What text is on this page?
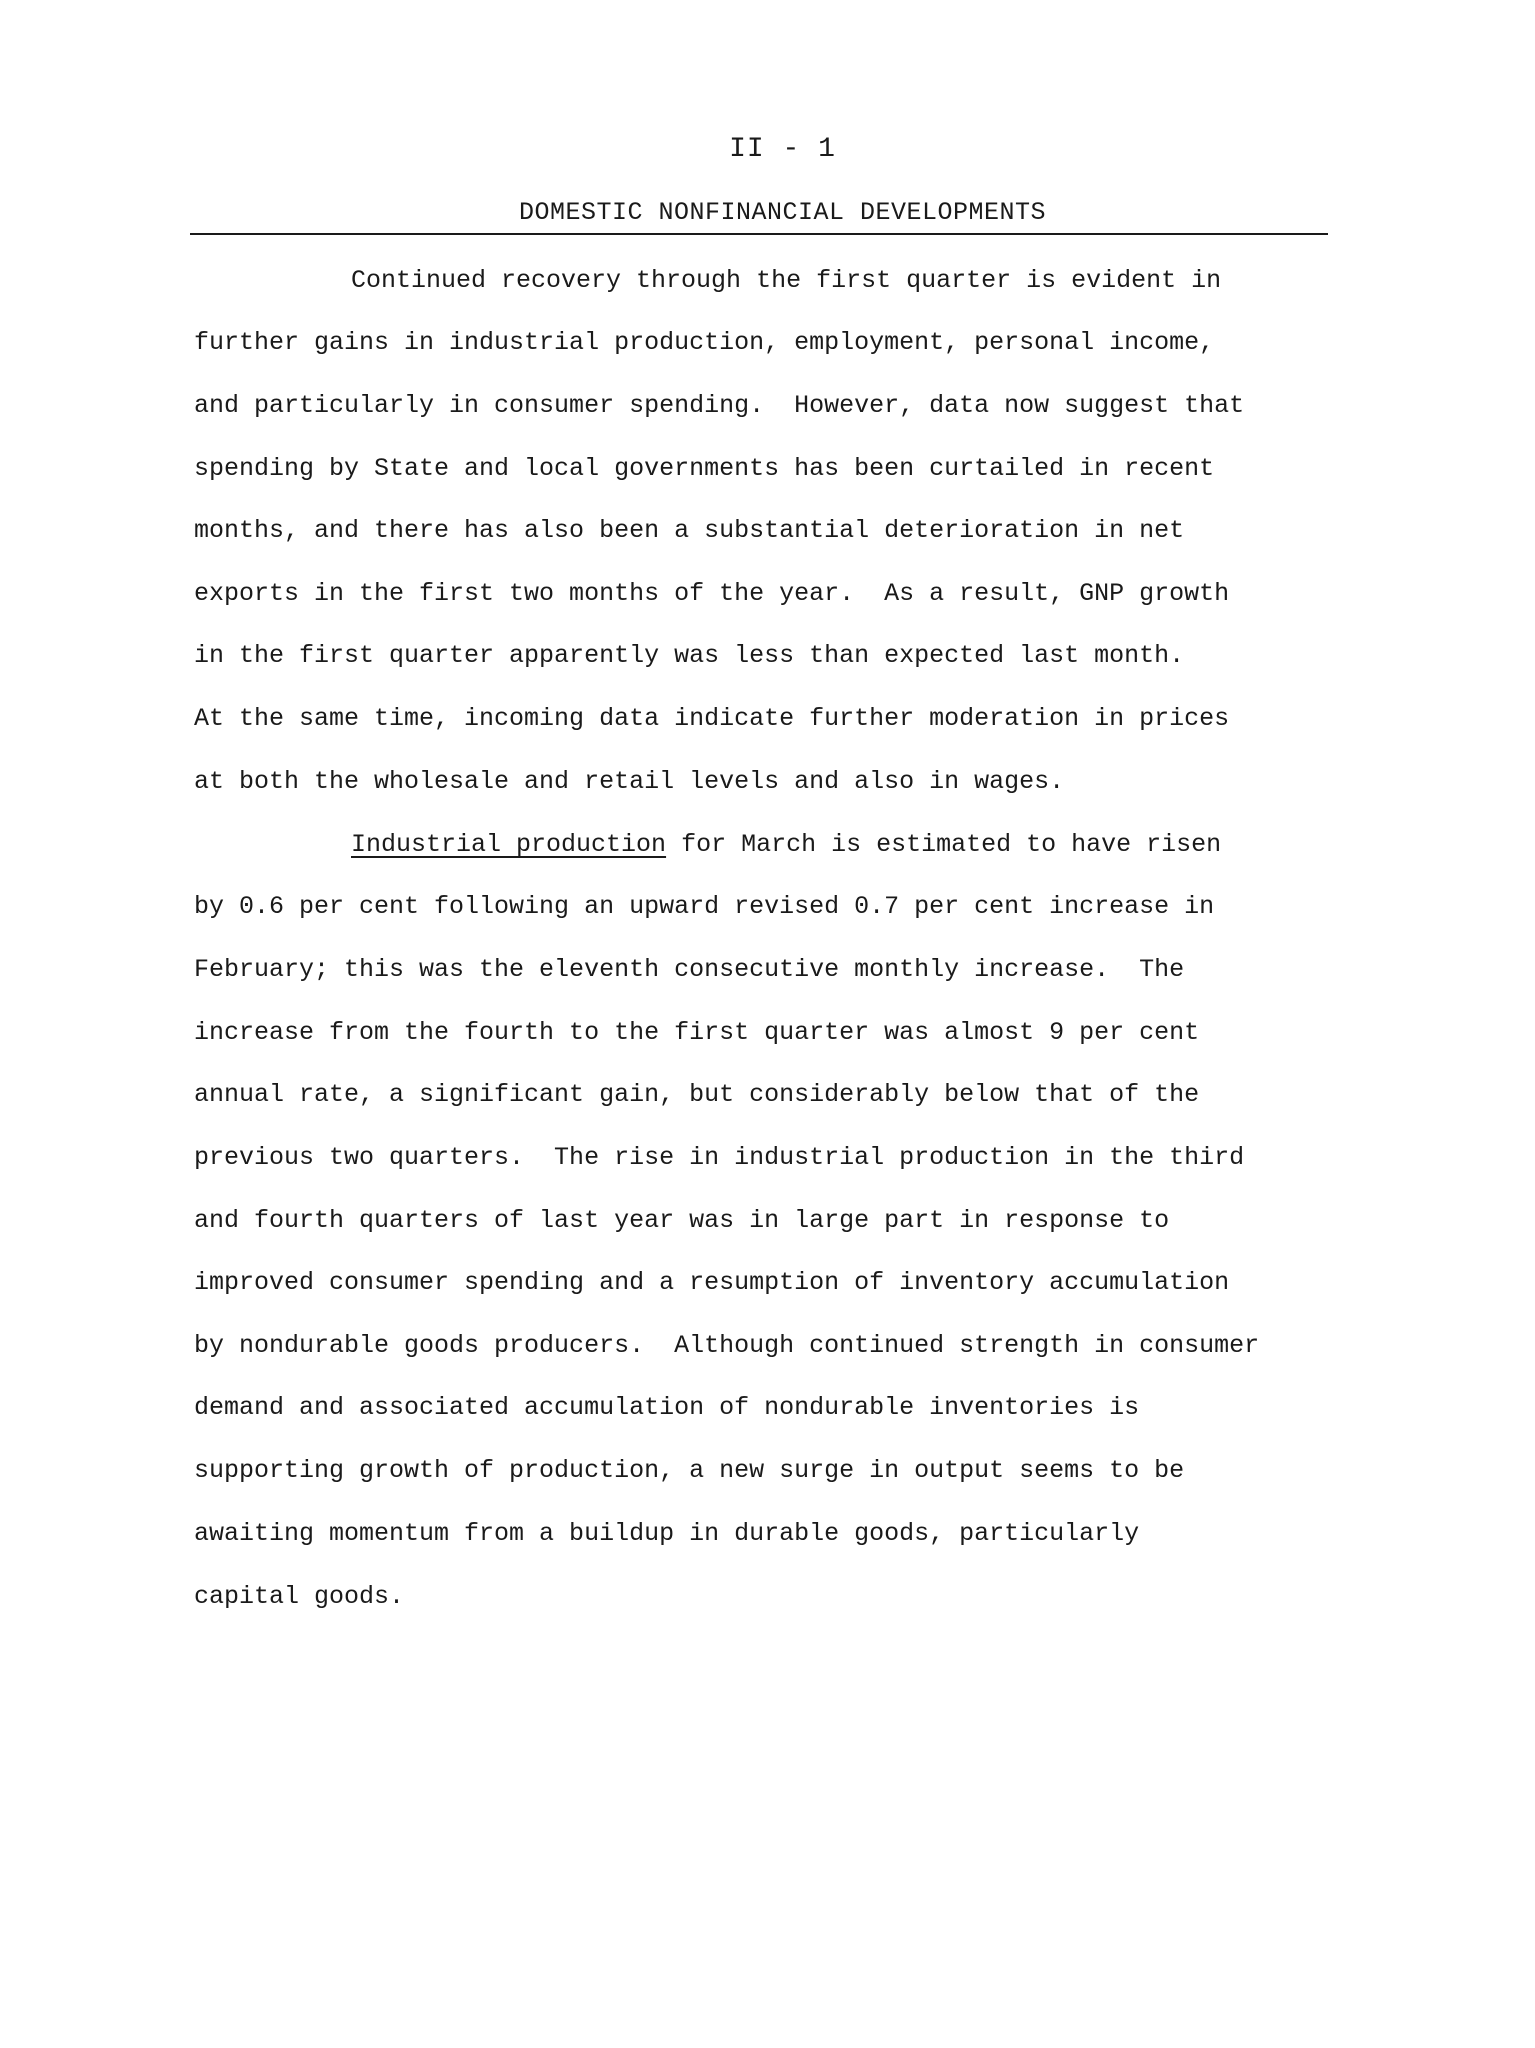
II - 1
DOMESTIC NONFINANCIAL DEVELOPMENTS
Continued recovery through the first quarter is evident in
further gains in industrial production, employment, personal income,
and particularly in consumer spending.  However, data now suggest that
spending by State and local governments has been curtailed in recent
months, and there has also been a substantial deterioration in net
exports in the first two months of the year.  As a result, GNP growth
in the first quarter apparently was less than expected last month.
At the same time, incoming data indicate further moderation in prices
at both the wholesale and retail levels and also in wages.
Industrial production for March is estimated to have risen
by 0.6 per cent following an upward revised 0.7 per cent increase in
February; this was the eleventh consecutive monthly increase.  The
increase from the fourth to the first quarter was almost 9 per cent
annual rate, a significant gain, but considerably below that of the
previous two quarters.  The rise in industrial production in the third
and fourth quarters of last year was in large part in response to
improved consumer spending and a resumption of inventory accumulation
by nondurable goods producers.  Although continued strength in consumer
demand and associated accumulation of nondurable inventories is
supporting growth of production, a new surge in output seems to be
awaiting momentum from a buildup in durable goods, particularly
capital goods.
